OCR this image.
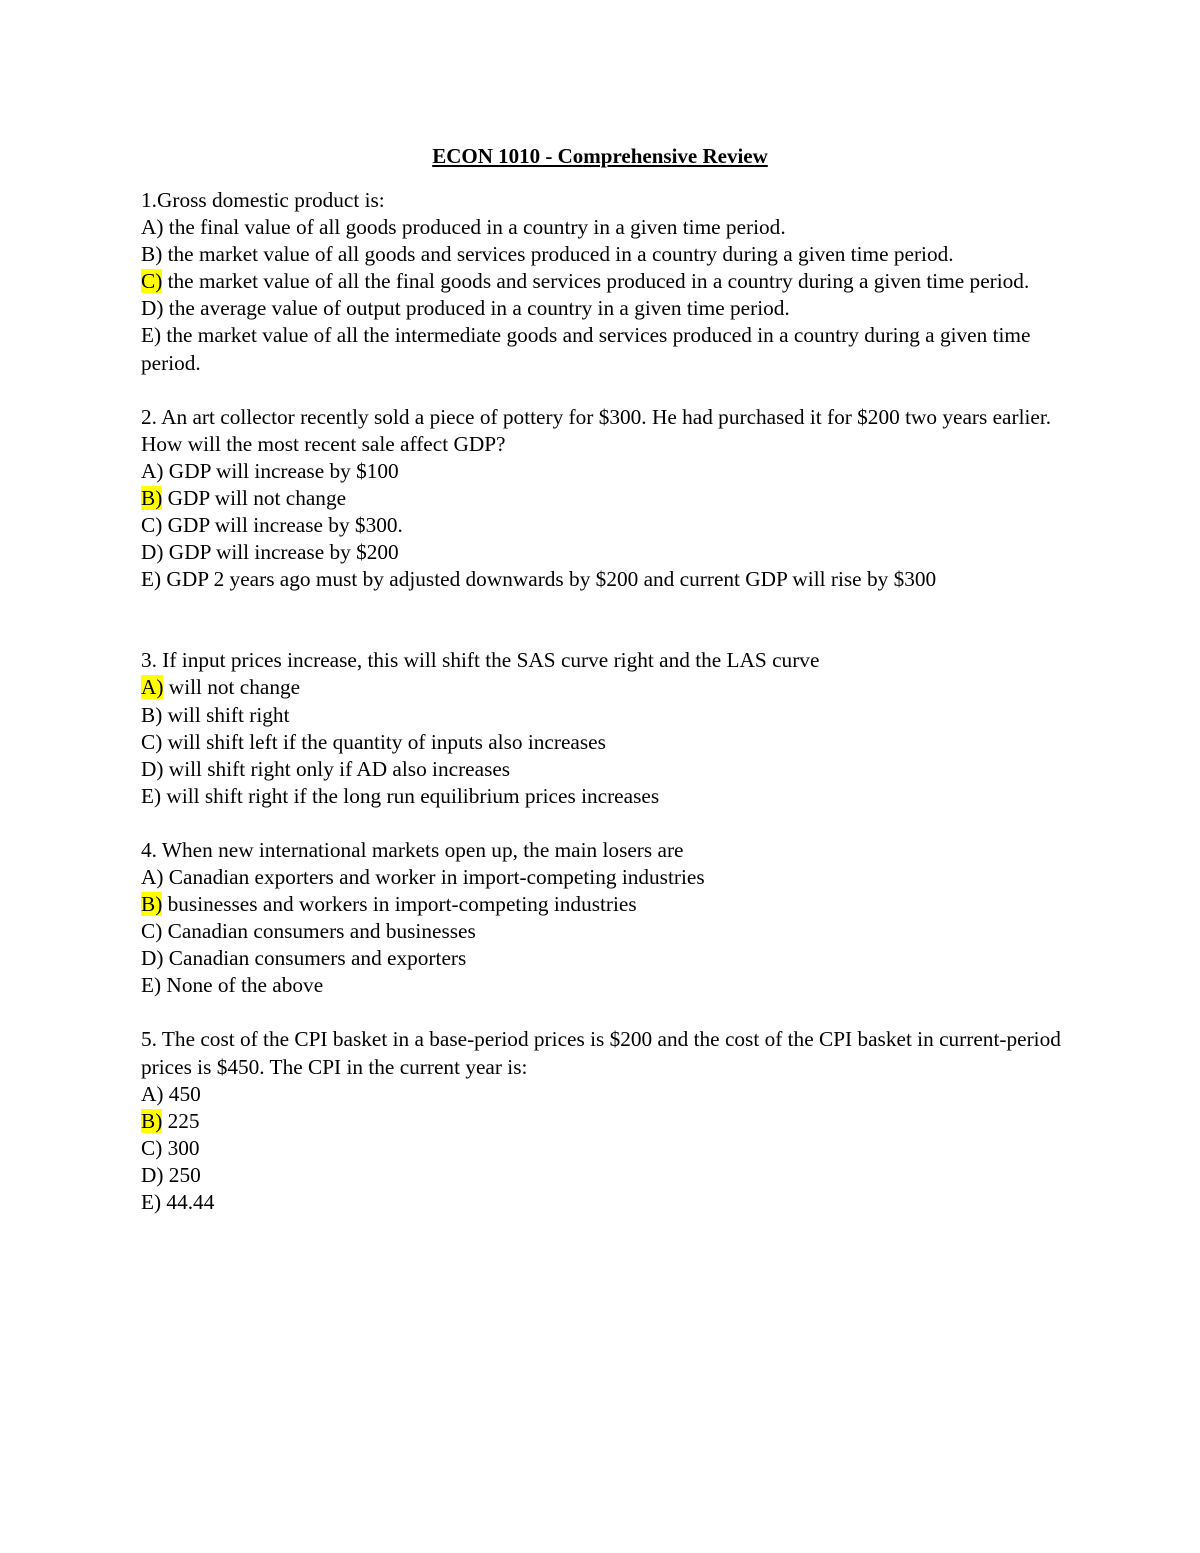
ECON 1010 - Comprehensive Review
1.Gross domestic product is:
A) the final value of all goods produced in a country in a given time period.
B) the market value of all goods and services produced in a country during a given time period.
C) the market value of all the final goods and services produced in a country during a given time period.
D) the average value of output produced in a country in a given time period.
E) the market value of all the intermediate goods and services produced in a country during a given time period.
2. An art collector recently sold a piece of pottery for $300. He had purchased it for $200 two years earlier. How will the most recent sale affect GDP?
A) GDP will increase by $100
B) GDP will not change
C) GDP will increase by $300.
D) GDP will increase by $200
E) GDP 2 years ago must by adjusted downwards by $200 and current GDP will rise by $300
3. If input prices increase, this will shift the SAS curve right and the LAS curve
A) will not change
B) will shift right
C) will shift left if the quantity of inputs also increases
D) will shift right only if AD also increases
E) will shift right if the long run equilibrium prices increases
4. When new international markets open up, the main losers are
A) Canadian exporters and worker in import-competing industries
B) businesses and workers in import-competing industries
C) Canadian consumers and businesses
D) Canadian consumers and exporters
E) None of the above
5. The cost of the CPI basket in a base-period prices is $200 and the cost of the CPI basket in current-period prices is $450. The CPI in the current year is:
A) 450
B) 225
C) 300
D) 250
E) 44.44
